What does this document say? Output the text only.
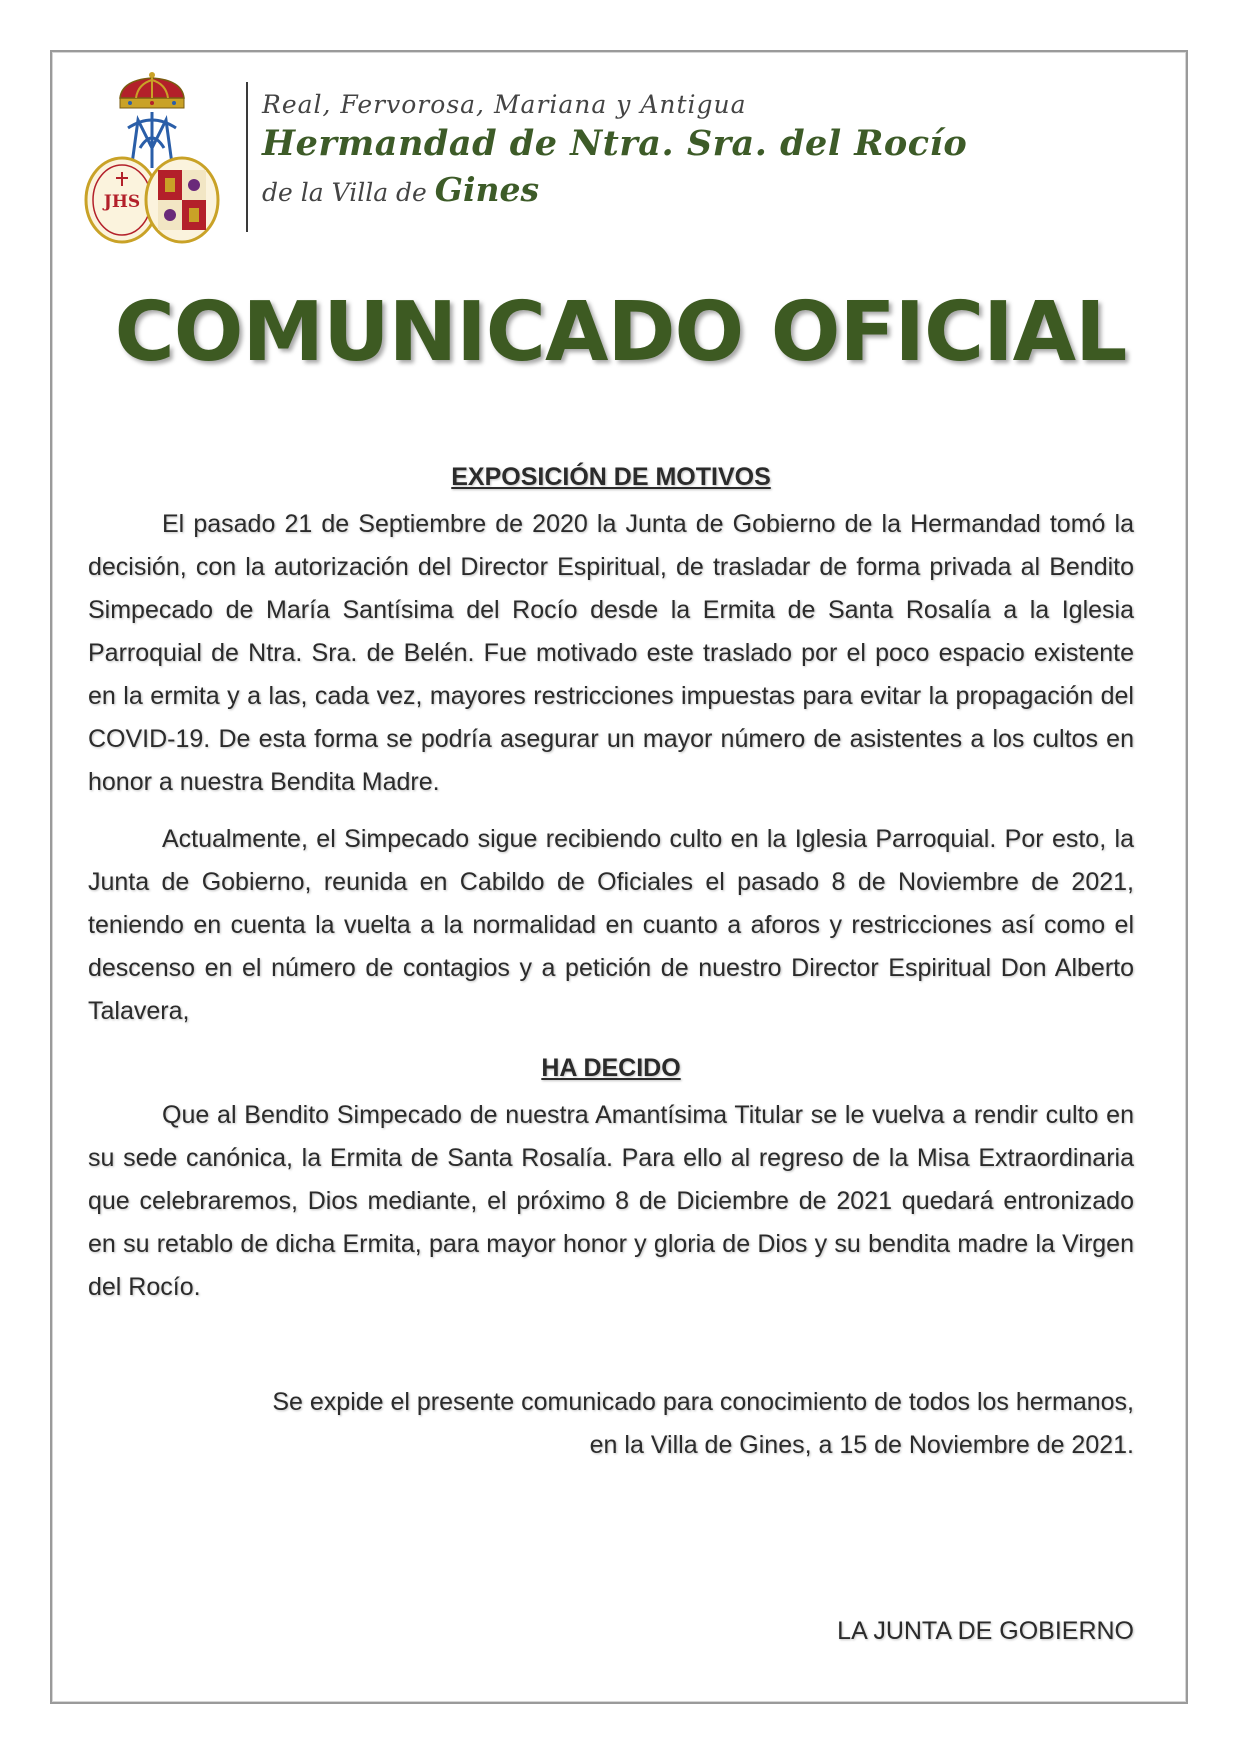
JHS
Real, Fervorosa, Mariana y Antigua
Hermandad de Ntra. Sra. del Rocío
de la Villa de Gines
COMUNICADO OFICIAL
EXPOSICIÓN DE MOTIVOS

El pasado 21 de Septiembre de 2020 la Junta de Gobierno de la Hermandad tomó la decisión, con la autorización del Director Espiritual, de trasladar de forma privada al Bendito Simpecado de María Santísima del Rocío desde la Ermita de Santa Rosalía a la Iglesia Parroquial de Ntra. Sra. de Belén. Fue motivado este traslado por el poco espacio existente en la ermita y a las, cada vez, mayores restricciones impuestas para evitar la propagación del COVID-19. De esta forma se podría asegurar un mayor número de asistentes a los cultos en honor a nuestra Bendita Madre.

Actualmente, el Simpecado sigue recibiendo culto en la Iglesia Parroquial. Por esto, la Junta de Gobierno, reunida en Cabildo de Oficiales el pasado 8 de Noviembre de 2021, teniendo en cuenta la vuelta a la normalidad en cuanto a aforos y restricciones así como el descenso en el número de contagios y a petición de nuestro Director Espiritual Don Alberto Talavera,

HA DECIDO

Que al Bendito Simpecado de nuestra Amantísima Titular se le vuelva a rendir culto en su sede canónica, la Ermita de Santa Rosalía. Para ello al regreso de la Misa Extraordinaria que celebraremos, Dios mediante, el próximo 8 de Diciembre de 2021 quedará entronizado en su retablo de dicha Ermita, para mayor honor y gloria de Dios y su bendita madre la Virgen del Rocío.

Se expide el presente comunicado para conocimiento de todos los hermanos,
en la Villa de Gines, a 15 de Noviembre de 2021.
LA JUNTA DE GOBIERNO
